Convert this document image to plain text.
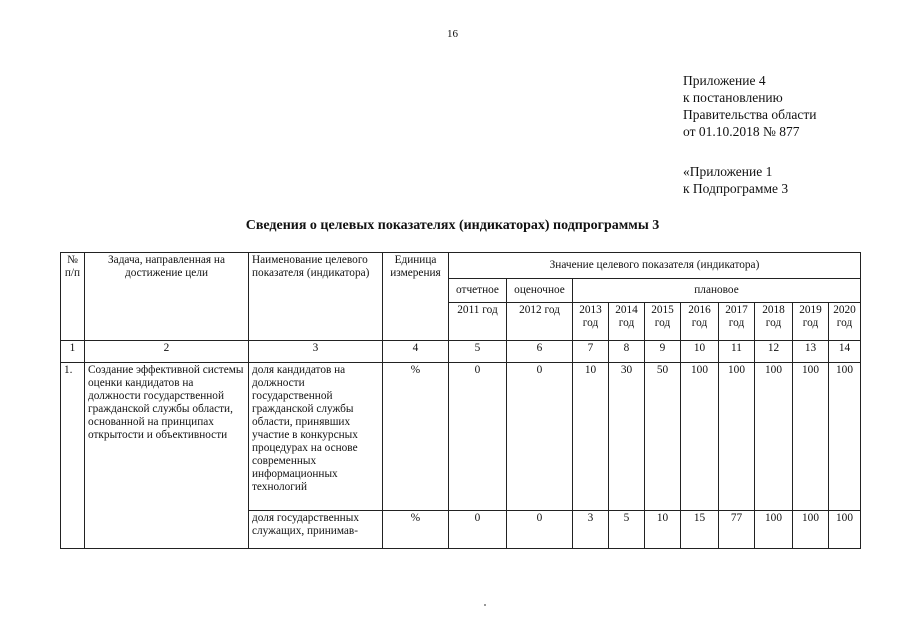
16
Приложение 4
к постановлению
Правительства области
от 01.10.2018 № 877
«Приложение 1
к Подпрограмме 3
Сведения о целевых показателях (индикаторах) подпрограммы 3
№ п/п	Задача, направленная на достижение цели	Наименование целевого показателя (индикатора)	Единица измерения	Значение целевого показателя (индикатора)									
				отчетное	оценочное	плановое							
				2011 год	2012 год	2013 год	2014 год	2015 год	2016 год	2017 год	2018 год	2019 год	2020 год
1	2	3	4	5	6	7	8	9	10	11	12	13	14
1.	Создание эффективной системы оценки кандидатов на должности государственной гражданской службы области, основанной на принципах открытости и объективности	доля кандидатов на должности государственной гражданской службы области, принявших участие в конкурсных процедурах на основе современных информационных технологий	%	0	0	10	30	50	100	100	100	100	100
		доля государственных служащих, принимав-	%	0	0	3	5	10	15	77	100	100	100
